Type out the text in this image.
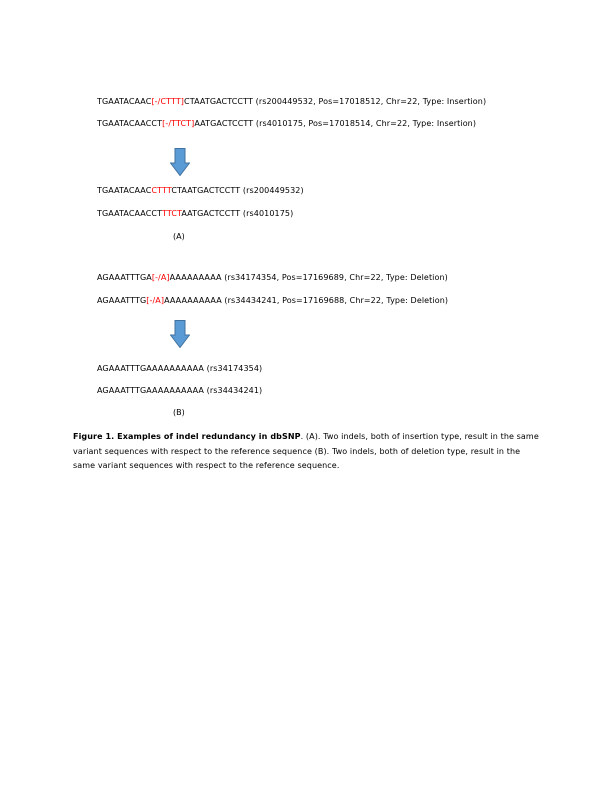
TGAATACAAC[-/CTTT]CTAATGACTCCTT (rs200449532, Pos=17018512, Chr=22, Type: Insertion)
TGAATACAACCT[-/TTCT]AATGACTCCTT (rs4010175, Pos=17018514, Chr=22, Type: Insertion)
TGAATACAACCTTTCTAATGACTCCTT (rs200449532)
TGAATACAACCTTTCTAATGACTCCTT (rs4010175)
(A)
AGAAATTTGA[-/A]AAAAAAAAA (rs34174354, Pos=17169689, Chr=22, Type: Deletion)
AGAAATTTG[-/A]AAAAAAAAAA (rs34434241, Pos=17169688, Chr=22, Type: Deletion)
AGAAATTTGAAAAAAAAAA (rs34174354)
AGAAATTTGAAAAAAAAAA (rs34434241)
(B)
Figure 1. Examples of indel redundancy in dbSNP. (A). Two indels, both of insertion type, result in the same variant sequences with respect to the reference sequence (B). Two indels, both of deletion type, result in the same variant sequences with respect to the reference sequence.
